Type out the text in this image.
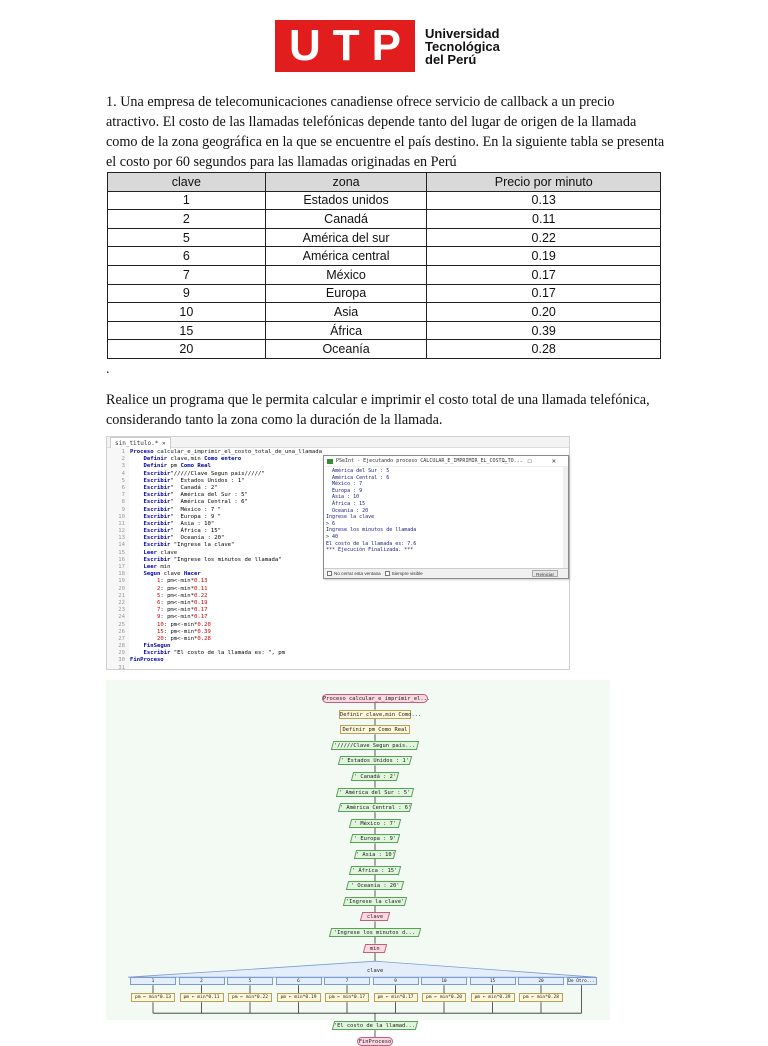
U T P Universidad
Tecnológica
del Perú

1. Una empresa de telecomunicaciones canadiense ofrece servicio de callback a un precio atractivo. El costo de las llamadas telefónicas depende tanto del lugar de origen de la llamada como de la zona geográfica en la que se encuentre el país destino. En la siguiente tabla se presenta el costo por 60 segundos para las llamadas originadas en Perú

clave	zona	Precio por minuto
1	Estados unidos	0.13
2	Canadá	0.11
5	América del sur	0.22
6	América central	0.19
7	México	0.17
9	Europa	0.17
10	Asia	0.20
15	África	0.39
20	Oceanía	0.28
.

Realice un programa que le permita calcular e imprimir el costo total de una llamada telefónica, considerando tanto la zona como la duración de la llamada.

sin_titulo.* ✕
1 Proceso calcular_e_imprimir_el_costo_total_de_una_llamada
2	Definir clave,min Como entero
3	Definir pm Como Real
4	Escribir"/////Clave Segun pais/////"
5	Escribir"  Estados Unidos : 1"
6	Escribir"  Canadá : 2"
7	Escribir"  América del Sur : 5"
8	Escribir"  América Central : 6"
9	Escribir"  México : 7 "
10	Escribir"  Europa : 9 "
11	Escribir"  Asia : 10"
12	Escribir"  África : 15"
13	Escribir"  Oceanía : 20"
14	Escribir "Ingrese la clave"
15	Leer clave
16	Escribir "Ingrese los minutos de llamada"
17	Leer min
18	Segun clave Hacer
19	1: pm<-min*0.13
20	2: pm<-min*0.11
21	5: pm<-min*0.22
22	6: pm<-min*0.19
23	7: pm<-min*0.17
24	9: pm<-min*0.17
25	10: pm<-min*0.20
26	15: pm<-min*0.39
27	20: pm<-min*0.28
28	FinSegun
29	Escribir "El costo de la llamada es: ", pm
30 FinProceso
31
PSeInt - Ejecutando proceso CALCULAR_E_IMPRIMIR_EL_COSTO_TO...
— ☐ ✕
América del Sur : 5
América Central : 6
México : 7
Europa : 9
Asia : 10
África : 15
Oceanía : 20
Ingrese la clave
> 6
Ingrese los minutos de llamada
> 40
El costo de la llamada es: 7.6
*** Ejecución Finalizada. ***
No cerrar esta ventana Siempre visible	Reiniciar
Proceso calcular_e_imprimir_el...
Definir clave,min Como...
Definir pm Como Real
'/////Clave Segun pais...
' Estados Unidos : 1'
' Canadá : 2'
' América del Sur : 5'
' América Central : 6'
' México : 7'
' Europa : 9'
' Asia : 10'
' África : 15'
' Oceanía : 20'
'Ingrese la clave'
clave
'Ingrese los minutos d...
min
clave
1	2	5	6	7	9	10	15	20	De Otro...
pm ← min*0.13	pm ← min*0.11	pm ← min*0.22	pm ← min*0.19	pm ← min*0.17	pm ← min*0.17	pm ← min*0.20	pm ← min*0.39	pm ← min*0.28
'El costo de la llamad...
FinProceso
